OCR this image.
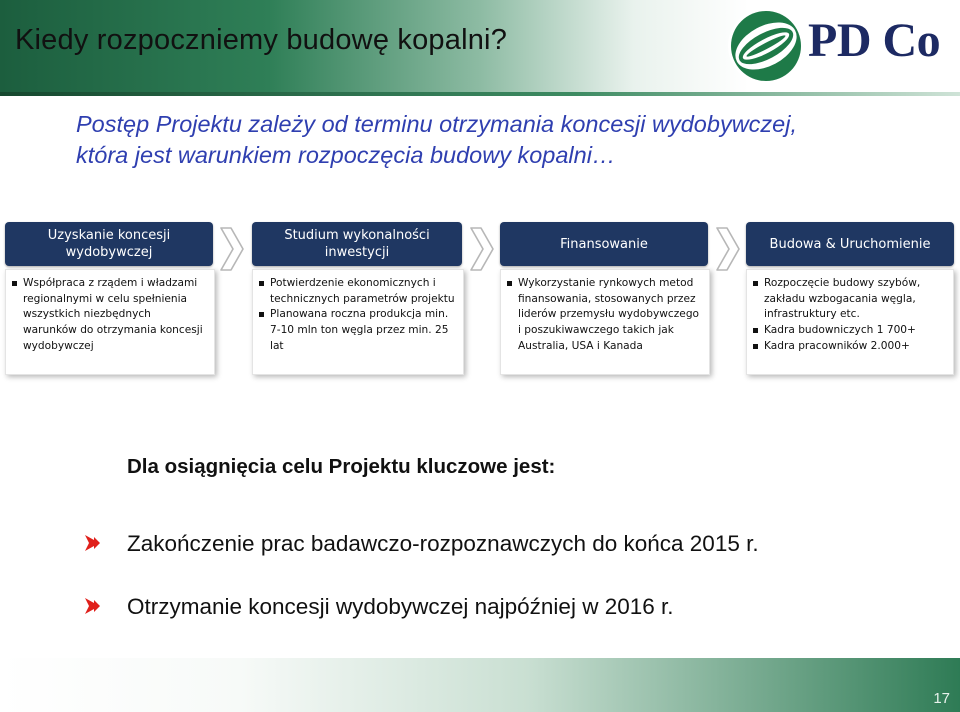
Kiedy rozpoczniemy budowę kopalni?	PD Co
Postęp Projektu zależy od terminu otrzymania koncesji wydobywczej,
która jest warunkiem rozpoczęcia budowy kopalni…
Uzyskanie koncesji
wydobywczej
Współpraca z rządem i władzami regionalnymi w celu spełnienia wszystkich niezbędnych warunków do otrzymania koncesji wydobywczej
Studium wykonalności
inwestycji
Potwierdzenie ekonomicznych i technicznych parametrów projektu
Planowana roczna produkcja min. 7-10 mln ton węgla przez min. 25 lat
Finansowanie
Wykorzystanie rynkowych metod finansowania, stosowanych przez liderów przemysłu wydobywczego i poszukiwawczego takich jak Australia, USA i Kanada
Budowa & Uruchomienie
Rozpoczęcie budowy szybów, zakładu wzbogacania węgla, infrastruktury etc.
Kadra budowniczych 1 700+
Kadra pracowników 2.000+
Dla osiągnięcia celu Projektu kluczowe jest:
Zakończenie prac badawczo-rozpoznawczych do końca 2015 r.
Otrzymanie koncesji wydobywczej najpóźniej w 2016 r.
17
